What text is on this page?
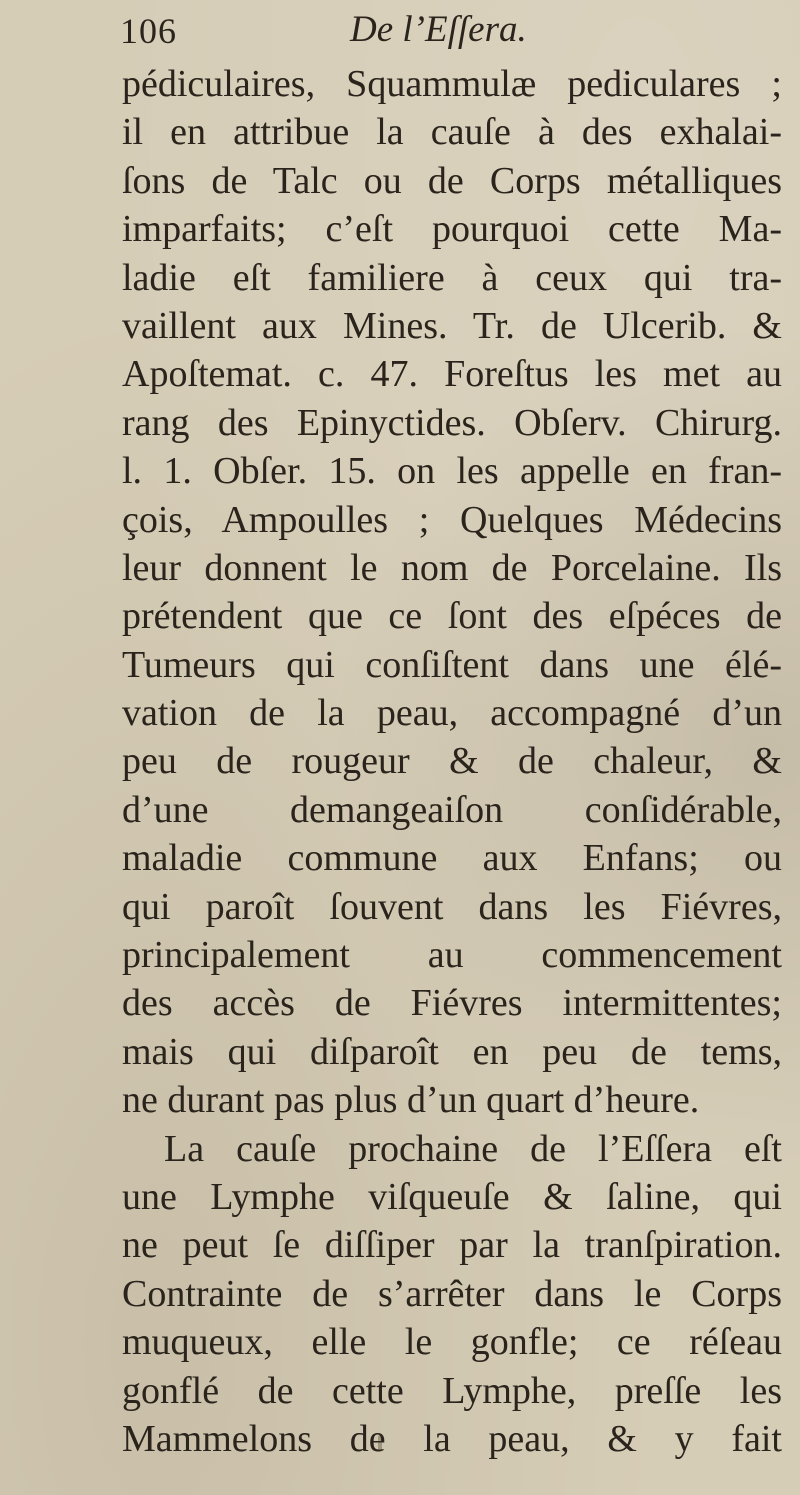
106	De l’Eſſera.
pédiculaires, Squammulæ pediculares ;
il en attribue la cauſe à des exhalai-
ſons de Talc ou de Corps métalliques
imparfaits; c’eſt pourquoi cette Ma-
ladie eſt familiere à ceux qui tra-
vaillent aux Mines. Tr. de Ulcerib. &
Apoſtemat. c. 47. Foreſtus les met au
rang des Epinyctides. Obſerv. Chirurg.
l. 1. Obſer. 15. on les appelle en fran-
çois, Ampoulles ; Quelques Médecins
leur donnent le nom de Porcelaine. Ils
prétendent que ce ſont des eſpéces de
Tumeurs qui conſiſtent dans une élé-
vation de la peau, accompagné d’un
peu de rougeur & de chaleur, &
d’une demangeaiſon conſidérable,
maladie commune aux Enfans; ou
qui paroît ſouvent dans les Fiévres,
principalement au commencement
des accès de Fiévres intermittentes;
mais qui diſparoît en peu de tems,
ne durant pas plus d’un quart d’heure.
La cauſe prochaine de l’Eſſera eſt
une Lymphe viſqueuſe & ſaline, qui
ne peut ſe diſſiper par la tranſpiration.
Contrainte de s’arrêter dans le Corps
muqueux, elle le gonfle; ce réſeau
gonflé de cette Lymphe, preſſe les
Mammelons de la peau, & y fait
